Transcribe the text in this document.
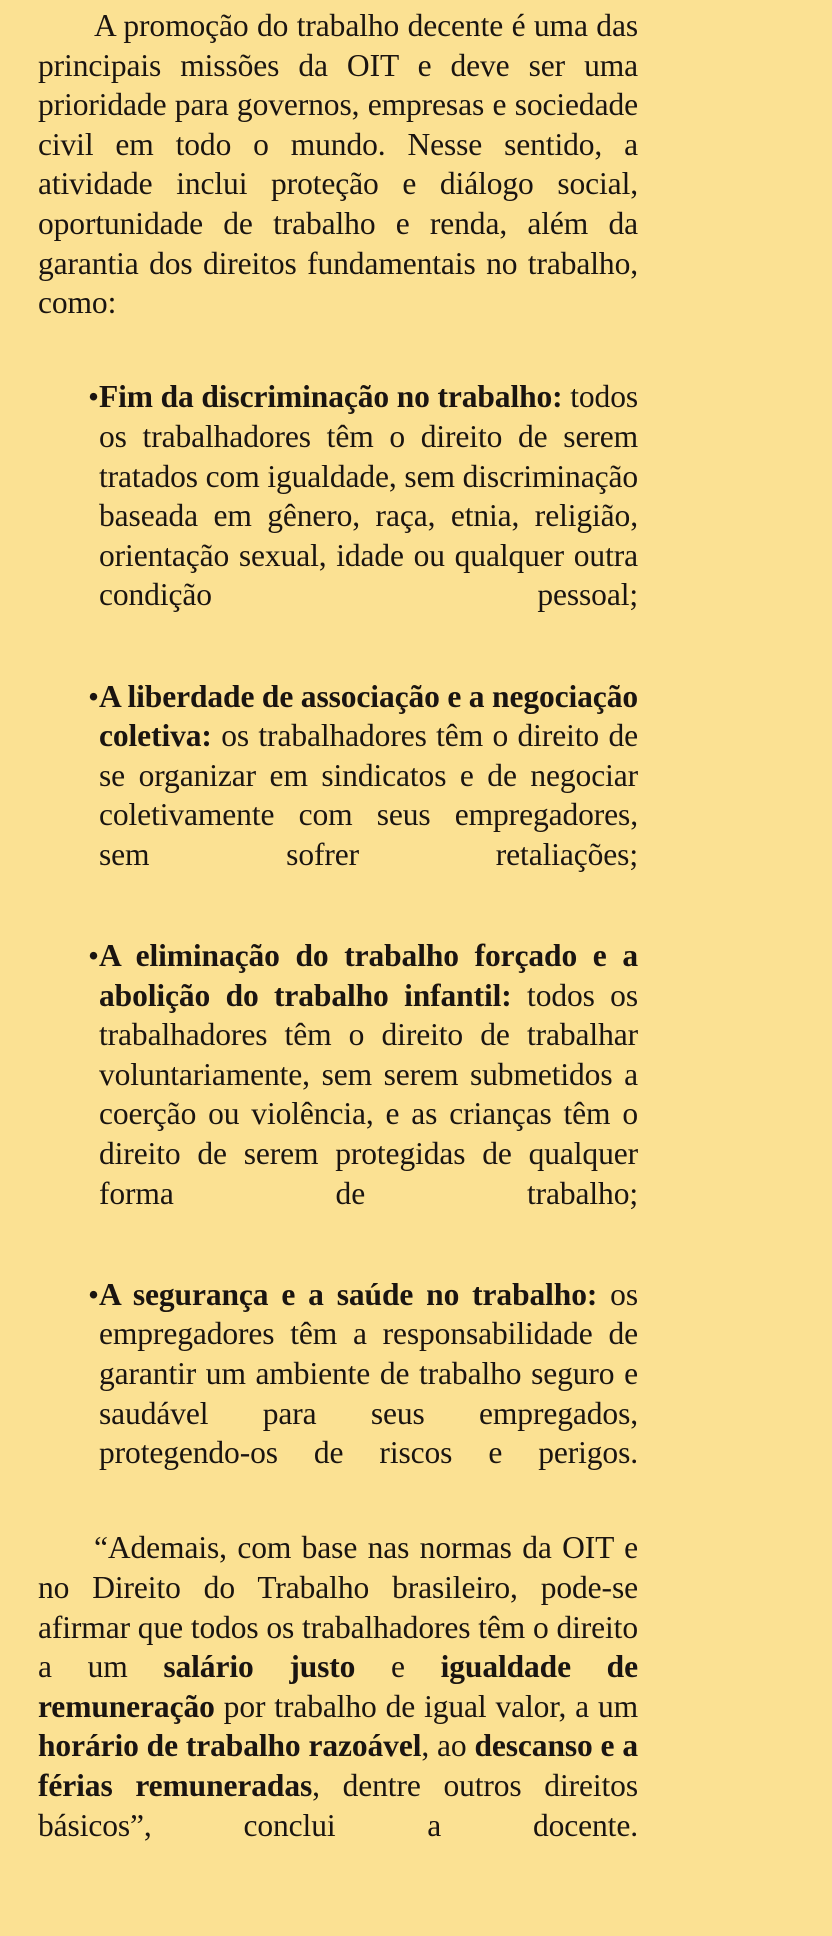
A promoção do trabalho decente é uma das principais missões da OIT e deve ser uma prioridade para governos, empresas e sociedade civil em todo o mundo. Nesse sentido, a atividade inclui proteção e diálogo social, oportunidade de trabalho e renda, além da garantia dos direitos fundamentais no trabalho, como:

• Fim da discriminação no trabalho: todos os trabalhadores têm o direito de serem tratados com igualdade, sem discriminação baseada em gênero, raça, etnia, religião, orientação sexual, idade ou qualquer outra condição pessoal;
• A liberdade de associação e a negociação coletiva: os trabalhadores têm o direito de se organizar em sindicatos e de negociar coletivamente com seus empregadores, sem sofrer retaliações;
• A eliminação do trabalho forçado e a abolição do trabalho infantil: todos os trabalhadores têm o direito de trabalhar voluntariamente, sem serem submetidos a coerção ou violência, e as crianças têm o direito de serem protegidas de qualquer forma de trabalho;
• A segurança e a saúde no trabalho: os empregadores têm a responsabilidade de garantir um ambiente de trabalho seguro e saudável para seus empregados, protegendo-os de riscos e perigos.

“Ademais, com base nas normas da OIT e no Direito do Trabalho brasileiro, pode-se afirmar que todos os trabalhadores têm o direito a um salário justo e igualdade de remuneração por trabalho de igual valor, a um horário de trabalho razoável, ao descanso e a férias remuneradas, dentre outros direitos básicos”, conclui a docente.
